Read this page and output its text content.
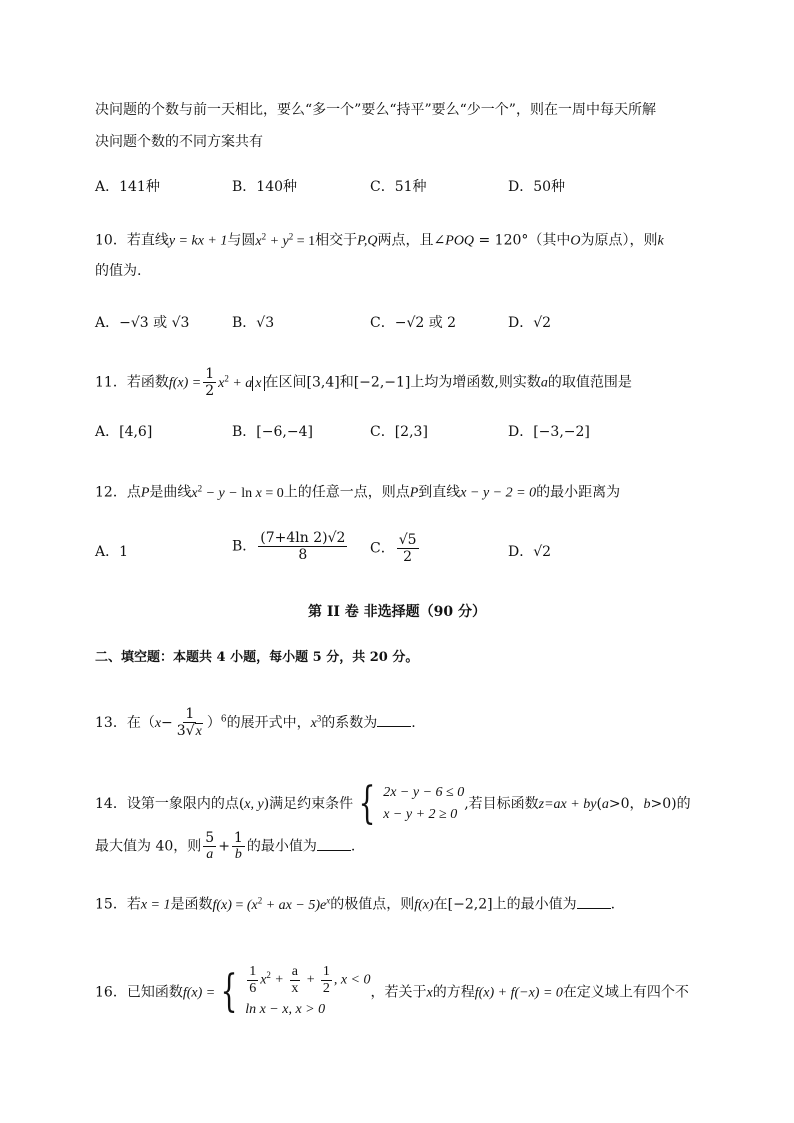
决问题的个数与前一天相比，要么“多一个”要么“持平”要么“少一个”，则在一周中每天所解
决问题个数的不同方案共有
A．141种	B．140种	C．51种	D．50种
10．若直线y = kx + 1与圆$x^2 + y^2 = 1$相交于P,Q两点，且∠POQ = 120°（其中O为原点），则k
的值为.
A．−√3 或 √3	B．√3	C．−√2 或 2	D．√2
11．若函数$f(x) = \frac{1}{2} x^2 + a$ x 在区间[3,4]和[−2,−1]上均为增函数,则实数a的取值范围是
A．[4,6]	B．[−6,−4]	C．[2,3]	D．[−3,−2]
12．点P是曲线$x^2 - y - \ln x = 0$上的任意一点，则点P到直线x − y − 2 = 0的最小距离为
A．1	B． $\frac{(7+4\ln 2)√2}{8}$ C． $\frac{√5}{2}$	D．√2
第 II 卷 非选择题（90 分）
二、填空题：本题共 4 小题，每小题 5 分，共 20 分。
13．在$(x- \frac{1}{3√x} )^6$的展开式中，$x^3$的系数为 .
14．设第一象限内的点(x, y)满足约束条件 { 2x − y − 6 ≤ 0
x − y + 2 ≥ 0
,若目标函数z=ax + by(a>0，b>0)的
最大值为 40，则 $\frac{5}{a} + \frac{1}{b}$ 的最小值为 .
15．若x = 1是函数$f(x) = (x^2$ + ax − $5)e^x$的极值点，则f(x)在[−2,2]上的最小值为 .
16．已知函数f(x) = { $\frac{1}{6} x^2 + \frac{a}{x} + \frac{1}{2}$ , x < 0
ln x − x, x > 0
，若关于x的方程f(x) + f(−x) = 0在定义域上有四个不
